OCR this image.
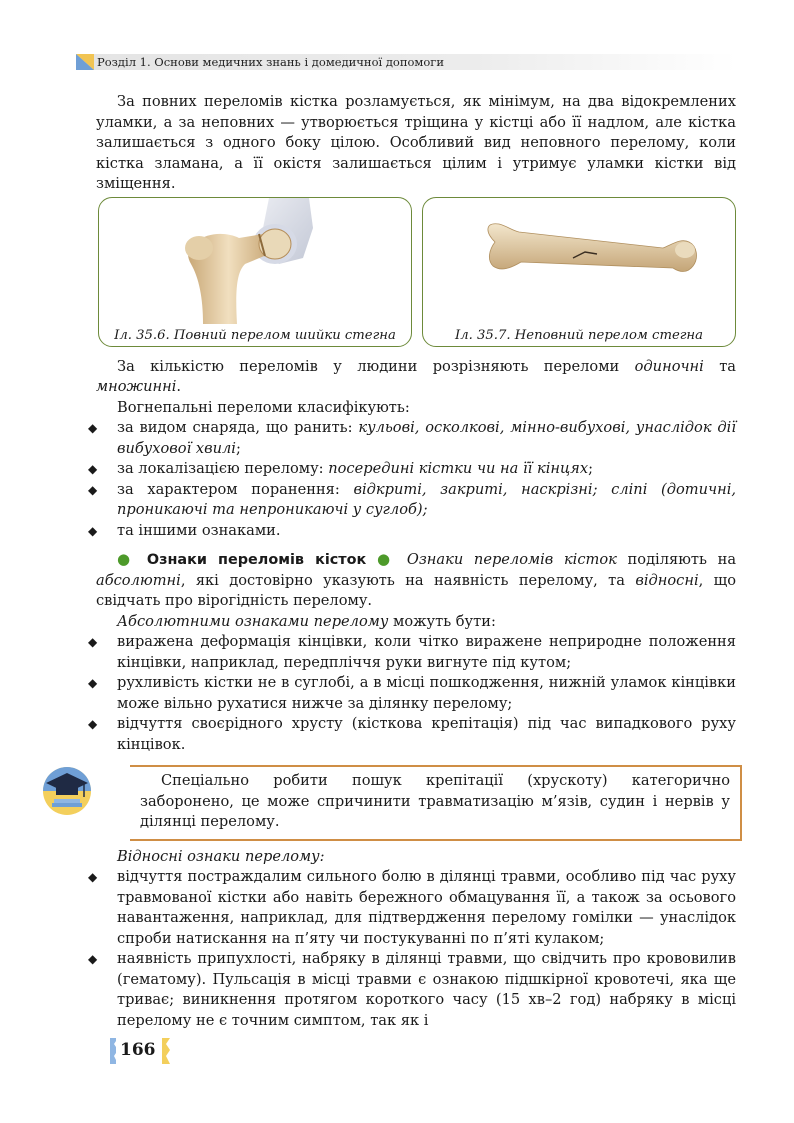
Розділ 1. Основи медичних знань і домедичної допомоги

За повних переломів кістка розламується, як мінімум, на два відокремлених уламки, а за неповних — утворюється тріщина у кістці або її надлом, але кістка залишається з одного боку цілою. Особливий вид неповного перелому, коли кістка зламана, а її окістя залишається цілим і утримує уламки кістки від зміщення.

Іл. 35.6. Повний перелом шийки стегна	Іл. 35.7. Неповний перелом стегна

За кількістю переломів у людини розрізняють переломи одиночні та множинні.

Вогнепальні переломи класифікують:

◆ за видом снаряда, що ранить: кульові, осколкові, мінно-вибухові, унаслідок дії вибухової хвилі;
◆ за локалізацією перелому: посередині кістки чи на її кінцях;
◆ за характером поранення: відкриті, закриті, наскрізні; сліпі (дотичні, проникаючі та непроникаючі у суглоб);
◆ та іншими ознаками.

● Ознаки переломів кісток ● Ознаки переломів кісток поділяють на абсолютні, які достовірно указують на наявність перелому, та відносні, що свідчать про вірогідність перелому.

Абсолютними ознаками перелому можуть бути:

◆ виражена деформація кінцівки, коли чітко виражене неприродне положення кінцівки, наприклад, передпліччя руки вигнуте під кутом;
◆ рухливість кістки не в суглобі, а в місці пошкодження, нижній уламок кінцівки може вільно рухатися нижче за ділянку перелому;
◆ відчуття своєрідного хрусту (кісткова крепітація) під час випадкового руху кінцівок.

Спеціально робити пошук крепітації (хрускоту) категорично заборонено, це може спричинити травматизацію м’язів, судин і нервів у ділянці перелому.

Відносні ознаки перелому:

◆ відчуття постраждалим сильного болю в ділянці травми, особливо під час руху травмованої кістки або навіть бережного обмацування її, а також за осьового навантаження, наприклад, для підтвердження перелому гомілки — унаслідок спроби натискання на п’яту чи постукуванні по п’яті кулаком;
◆ наявність припухлості, набряку в ділянці травми, що свідчить про крововилив (гематому). Пульсація в місці травми є ознакою підшкірної кровотечі, яка ще триває; виникнення протягом короткого часу (15 хв–2 год) набряку в місці перелому не є точним симптом, так як і
166
